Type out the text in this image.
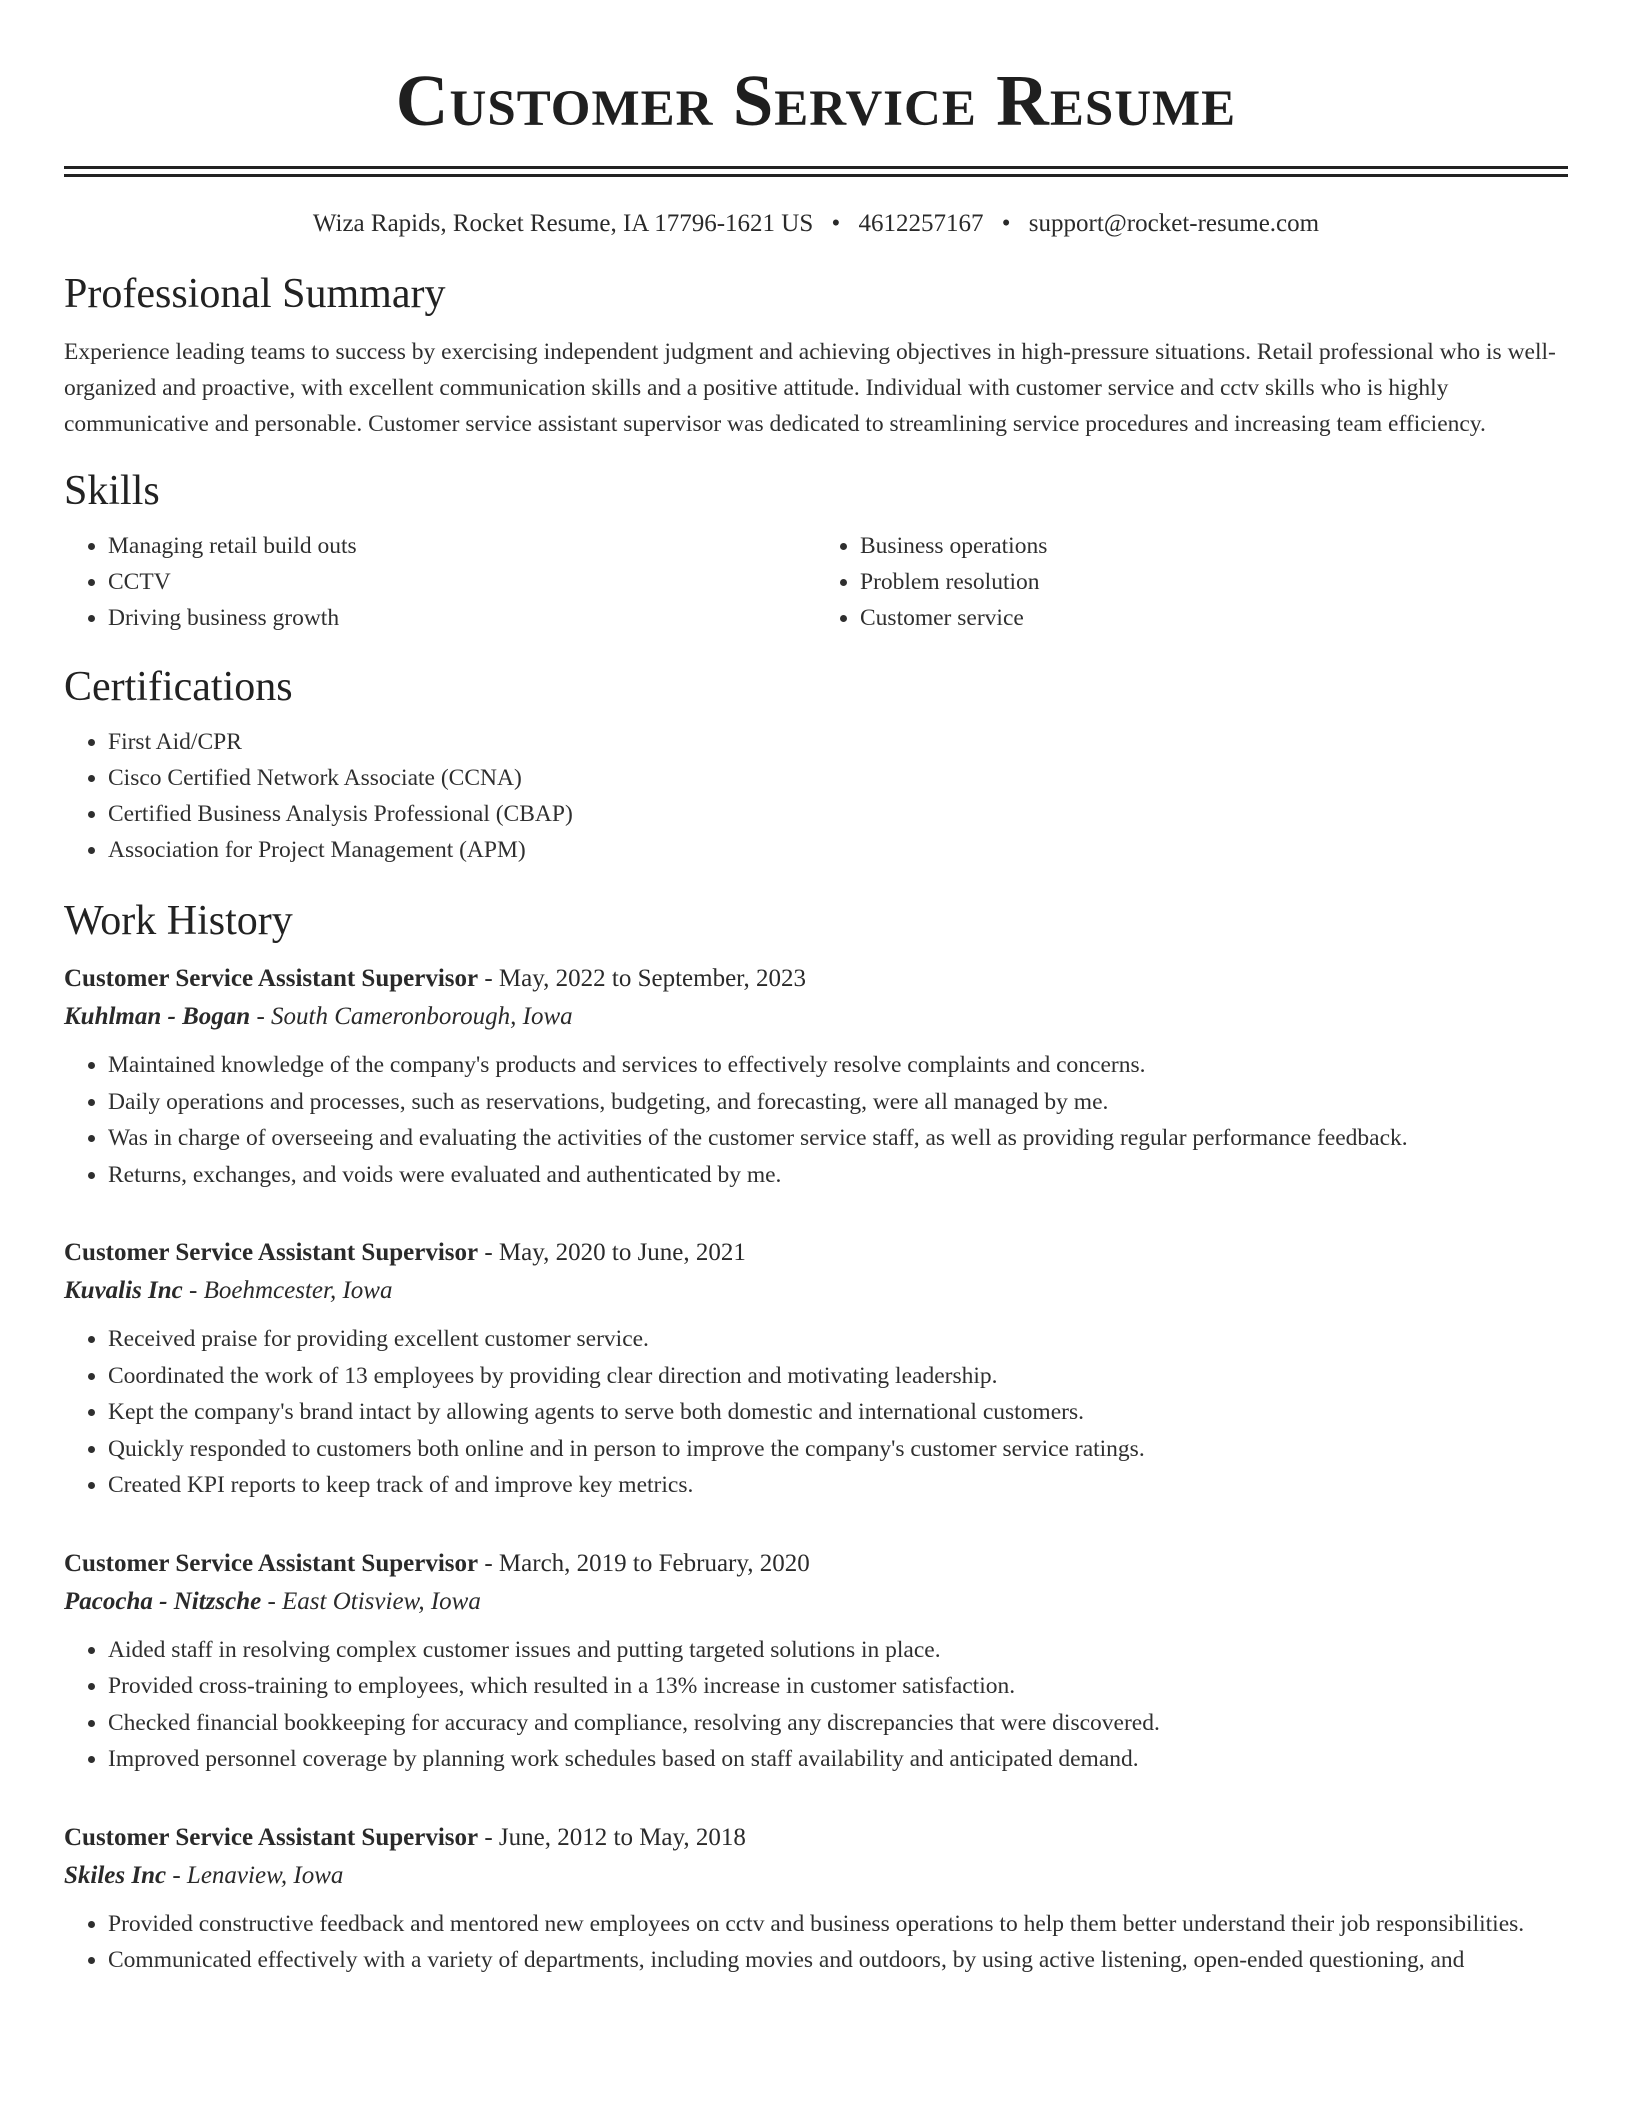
Customer Service Resume
Wiza Rapids, Rocket Resume, IA 17796-1621 US • 4612257167 • support@rocket-resume.com
Professional Summary

Experience leading teams to success by exercising independent judgment and achieving objectives in high-pressure situations. Retail professional who is well-organized and proactive, with excellent communication skills and a positive attitude. Individual with customer service and cctv skills who is highly communicative and personable. Customer service assistant supervisor was dedicated to streamlining service procedures and increasing team efficiency.

Skills
• Managing retail build outs
• CCTV
• Driving business growth
• Business operations
• Problem resolution
• Customer service
Certifications
• First Aid/CPR
• Cisco Certified Network Associate (CCNA)
• Certified Business Analysis Professional (CBAP)
• Association for Project Management (APM)
Work History
Customer Service Assistant Supervisor - May, 2022 to September, 2023
Kuhlman - Bogan - South Cameronborough, Iowa
• Maintained knowledge of the company's products and services to effectively resolve complaints and concerns.
• Daily operations and processes, such as reservations, budgeting, and forecasting, were all managed by me.
• Was in charge of overseeing and evaluating the activities of the customer service staff, as well as providing regular performance feedback.
• Returns, exchanges, and voids were evaluated and authenticated by me.
Customer Service Assistant Supervisor - May, 2020 to June, 2021
Kuvalis Inc - Boehmcester, Iowa
• Received praise for providing excellent customer service.
• Coordinated the work of 13 employees by providing clear direction and motivating leadership.
• Kept the company's brand intact by allowing agents to serve both domestic and international customers.
• Quickly responded to customers both online and in person to improve the company's customer service ratings.
• Created KPI reports to keep track of and improve key metrics.
Customer Service Assistant Supervisor - March, 2019 to February, 2020
Pacocha - Nitzsche - East Otisview, Iowa
• Aided staff in resolving complex customer issues and putting targeted solutions in place.
• Provided cross-training to employees, which resulted in a 13% increase in customer satisfaction.
• Checked financial bookkeeping for accuracy and compliance, resolving any discrepancies that were discovered.
• Improved personnel coverage by planning work schedules based on staff availability and anticipated demand.
Customer Service Assistant Supervisor - June, 2012 to May, 2018
Skiles Inc - Lenaview, Iowa
• Provided constructive feedback and mentored new employees on cctv and business operations to help them better understand their job responsibilities.
• Communicated effectively with a variety of departments, including movies and outdoors, by using active listening, open-ended questioning, and
